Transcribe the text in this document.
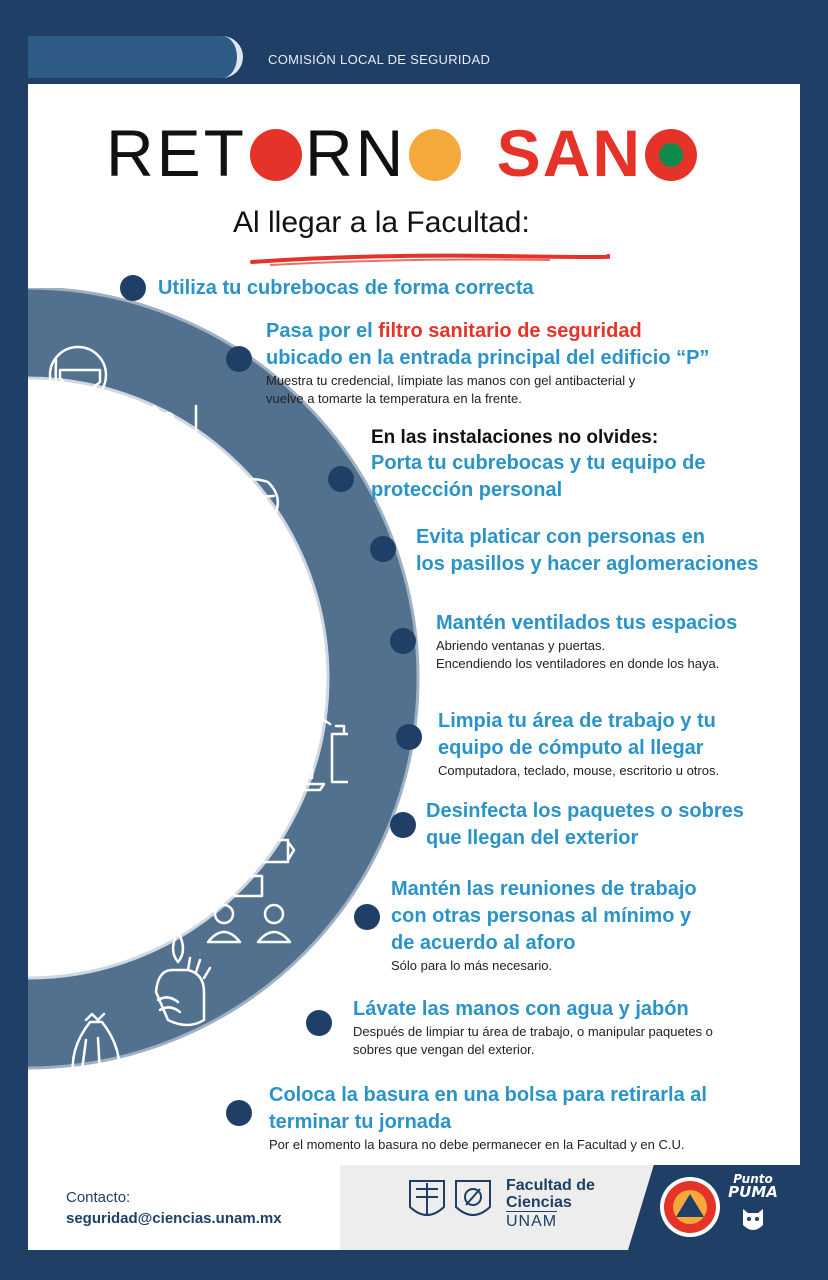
COMISIÓN LOCAL DE SEGURIDAD
RET RN SAN
Al llegar a la Facultad:
Utiliza tu cubrebocas de forma correcta
Pasa por el filtro sanitario de seguridad
ubicado en la entrada principal del edificio “P”
Muestra tu credencial, límpiate las manos con gel antibacterial y
vuelve a tomarte la temperatura en la frente.
En las instalaciones no olvides:
Porta tu cubrebocas y tu equipo de
protección personal
Evita platicar con personas en
los pasillos y hacer aglomeraciones
Mantén ventilados tus espacios
Abriendo ventanas y puertas.
Encendiendo los ventiladores en donde los haya.
Limpia tu área de trabajo y tu
equipo de cómputo al llegar
Computadora, teclado, mouse, escritorio u otros.
Desinfecta los paquetes o sobres
que llegan del exterior
Mantén las reuniones de trabajo
con otras personas al mínimo y
de acuerdo al aforo
Sólo para lo más necesario.
Lávate las manos con agua y jabón
Después de limpiar tu área de trabajo, o manipular paquetes o
sobres que vengan del exterior.
Coloca la basura en una bolsa para retirarla al
terminar tu jornada
Por el momento la basura no debe permanecer en la Facultad y en C.U.
Contacto:
seguridad@ciencias.unam.mx
Facultad de
Ciencias
UNAM
Punto
PUMA
